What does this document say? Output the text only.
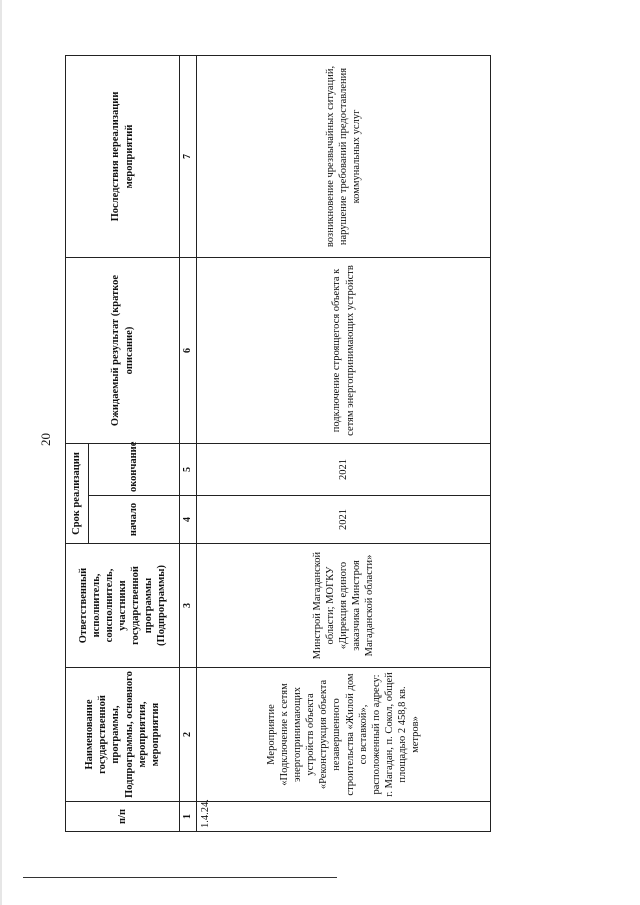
20
п/п	Наименование государственной программы, Подпрограммы, основного мероприятия, мероприятия	Ответственный исполнитель, соисполнитель, участники государственной программы (Подпрограммы)	Срок реализации		Ожидаемый результат (краткое описание)	Последствия нереализации мероприятий
			начало	окончание		
1	2	3	4	5	6	7
1.4.24.	Мероприятие «Подключение к сетям энергопринимающих устройств объекта «Реконструкция объекта незавершенного строительства «Жилой дом со вставкой», расположенный по адресу: г. Магадан, п. Сокол, общей площадью 2 458,8 кв. метров»	Минстрой Магаданской области; МОГКУ «Дирекция единого заказчика Минстроя Магаданской области»	2021	2021	подключение строящегося объекта к сетям энергопринимающих устройств	возникновение чрезвычайных ситуаций, нарушение требований предоставления коммунальных услуг
